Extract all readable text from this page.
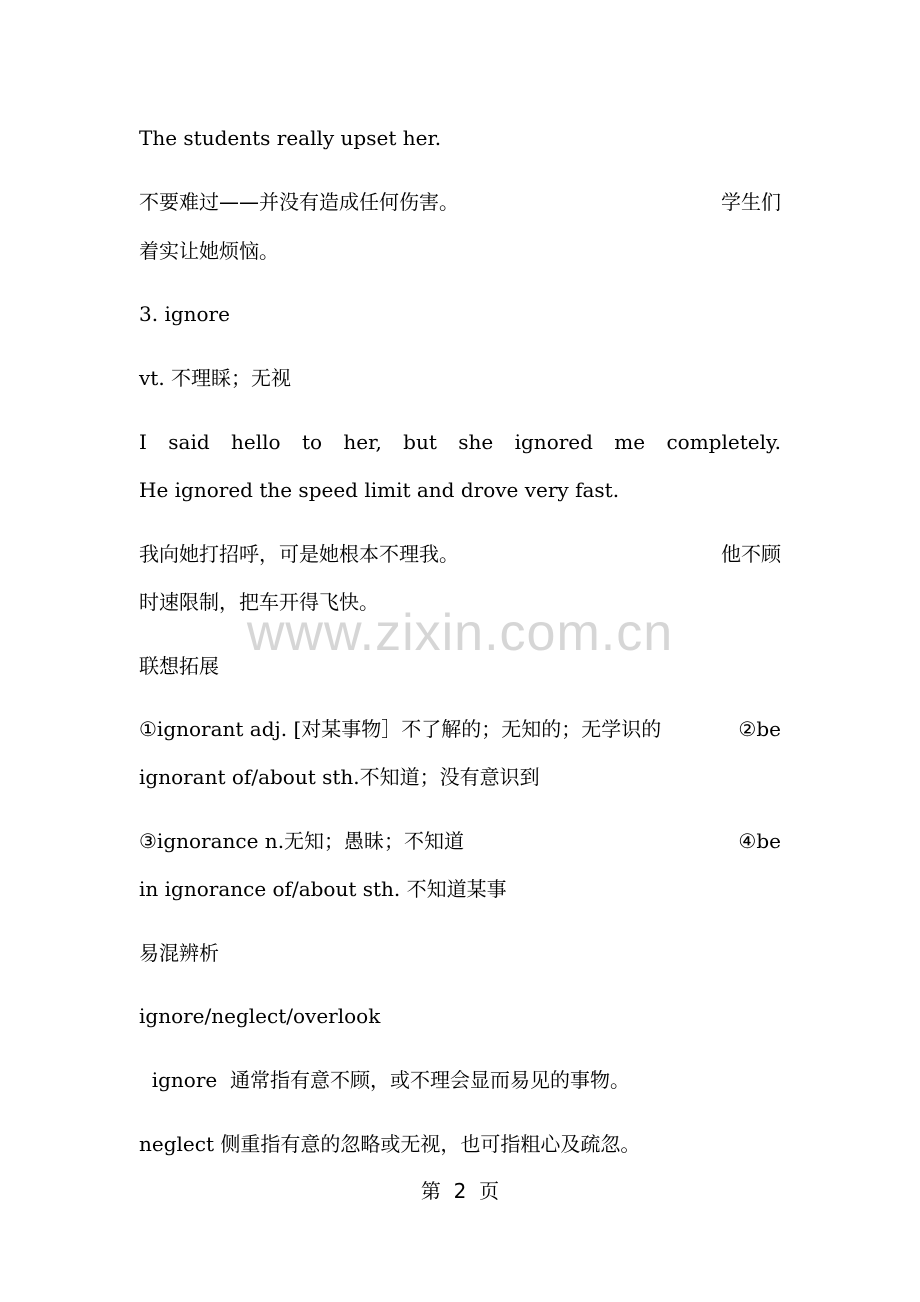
The students really upset her.
不要难过——并没有造成任何伤害。	学生们
着实让她烦恼。
3. ignore
vt. 不理睬；无视
I said hello to her, but she ignored me completely.
He ignored the speed limit and drove very fast.
我向她打招呼，可是她根本不理我。	他不顾
时速限制，把车开得飞快。
联想拓展
①ignorant adj. [对某事物］不了解的；无知的；无学识的	②be
ignorant of/about sth.不知道；没有意识到
③ignorance n.无知；愚昧；不知道	④be
in ignorance of/about sth. 不知道某事
易混辨析
ignore/neglect/overlook
ignore  通常指有意不顾，或不理会显而易见的事物。
neglect 侧重指有意的忽略或无视，也可指粗心及疏忽。
www.zixin.com.cn
第  2  页
